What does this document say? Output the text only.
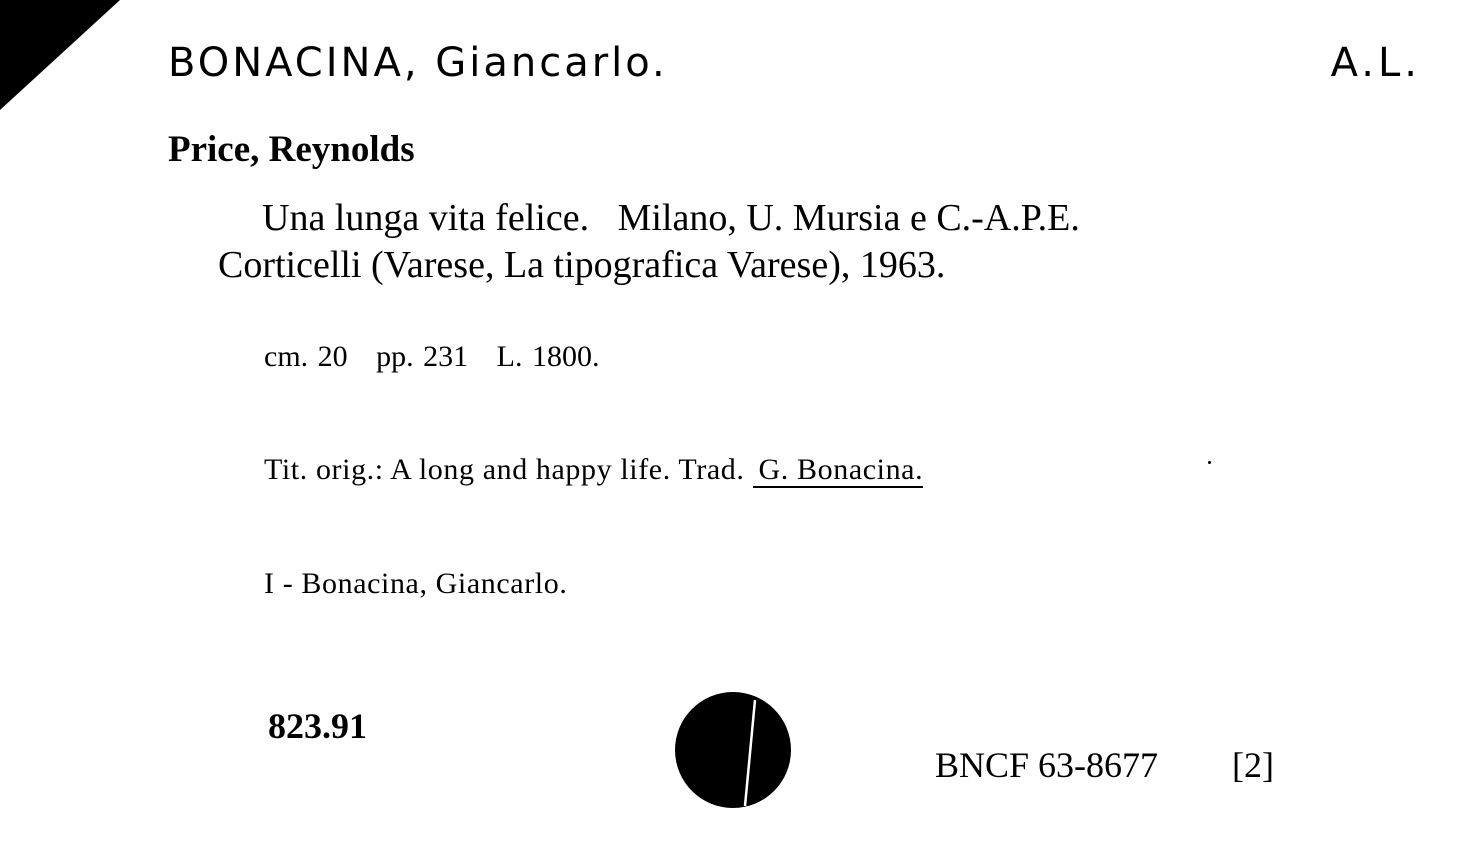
BONACINA, Giancarlo.	A.L.
Price, Reynolds
Una lunga vita felice.   Milano, U. Mursia e C.-A.P.E.
Corticelli (Varese, La tipografica Varese), 1963.
cm. 20   pp. 231   L. 1800.
Tit. orig.: A long and happy life. Trad. G. Bonacina.
I - Bonacina, Giancarlo.
823.91
BNCF 63-8677 [2]
